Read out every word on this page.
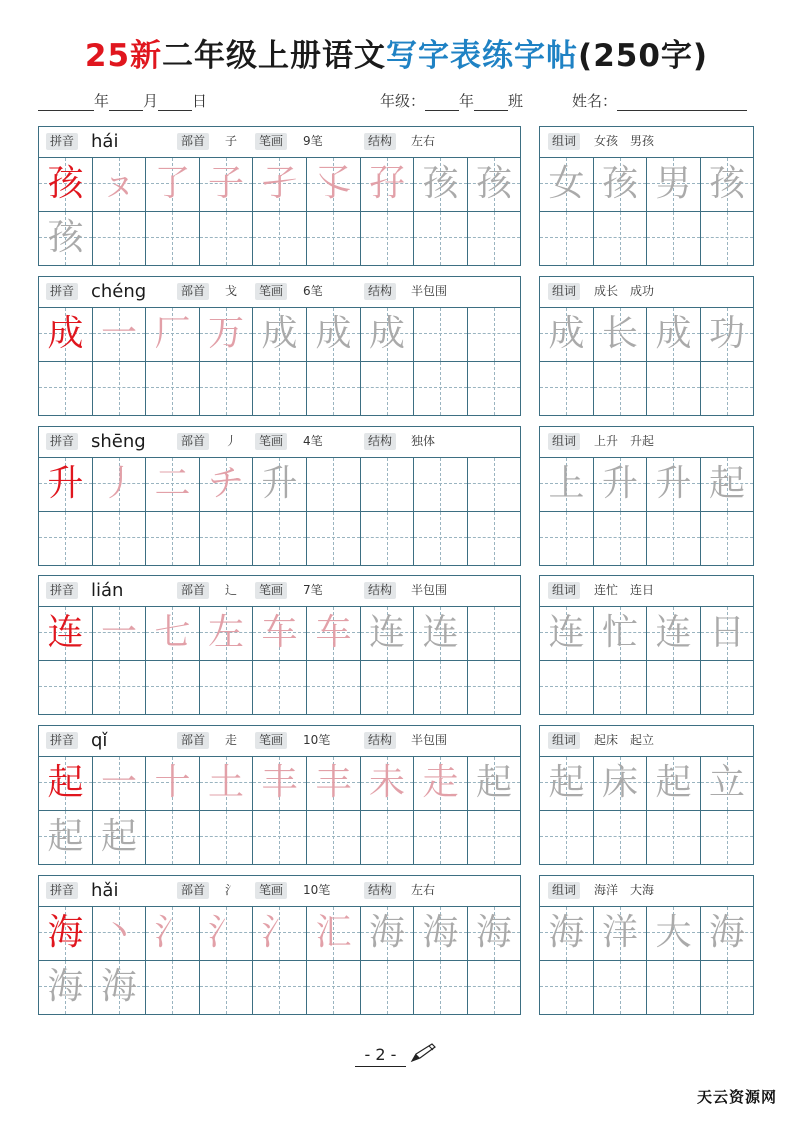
25新二年级上册语文写字表练字帖(250字)
年 月 日	年级： 年 班	姓名：
拼音 hái	部首	子	笔画	9笔	结构	左右
孩 ㇴ 了 子 孑 孓 孖 孩 孩
孩
组词	女孩　男孩
女 孩 男 孩
拼音 chéng	部首	戈	笔画	6笔	结构	半包围
成 一 厂 万 成 成 成
组词	成长　成功
成 长 成 功
拼音 shēng	部首	丿	笔画	4笔	结构	独体
升 丿 二 チ 升
组词	上升　升起
上 升 升 起
拼音 lián	部首	辶	笔画	7笔	结构	半包围
连 一 七 左 车 车 连 连
组词	连忙　连日
连 忙 连 日
拼音 qǐ	部首	走	笔画	10笔	结构	半包围
起 一 十 土 丰 丰 未 走 起
起 起
组词	起床　起立
起 床 起 立
拼音 hǎi	部首	氵	笔画	10笔	结构	左右
海 丶 氵 氵 氵 汇 海 海 海
海 海
组词	海洋　大海
海 洋 大 海
- 2 -
天云资源网
